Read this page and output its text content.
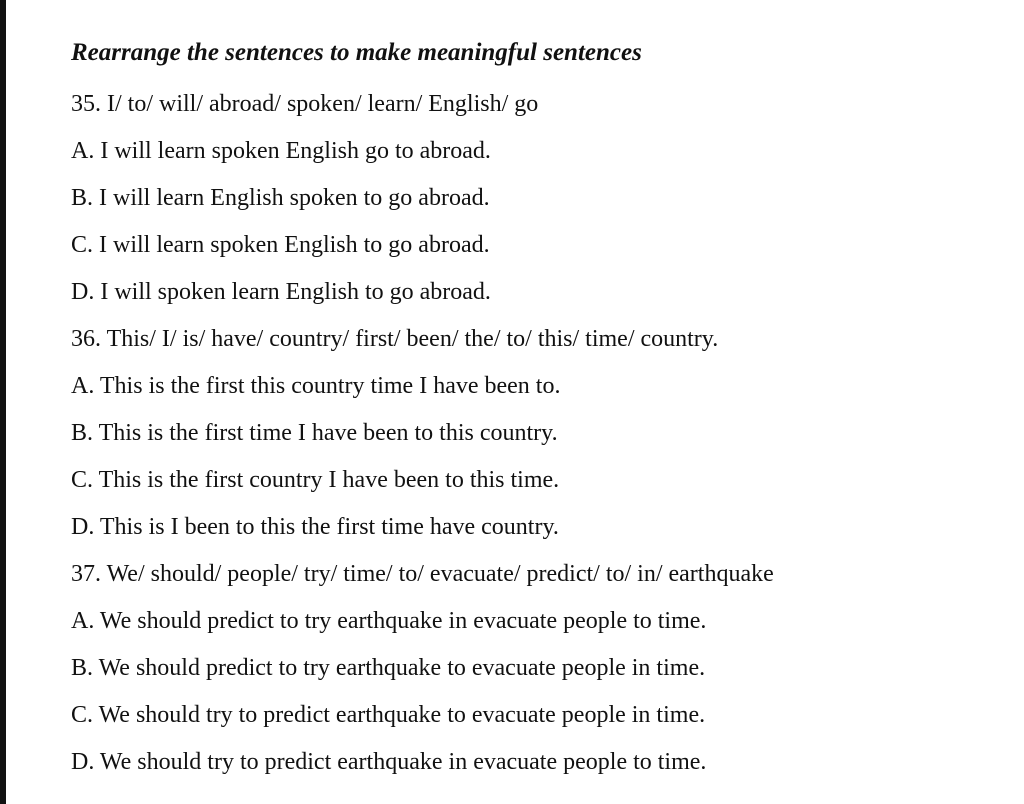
Rearrange the sentences to make meaningful sentences
35. I/ to/ will/ abroad/ spoken/ learn/ English/ go
A. I will learn spoken English go to abroad.
B. I will learn English spoken to go abroad.
C. I will learn spoken English to go abroad.
D. I will spoken learn English to go abroad.
36. This/ I/ is/ have/ country/ first/ been/ the/ to/ this/ time/ country.
A. This is the first this country time I have been to.
B. This is the first time I have been to this country.
C. This is the first country I have been to this time.
D. This is I been to this the first time have country.
37. We/ should/ people/ try/ time/ to/ evacuate/ predict/ to/ in/ earthquake
A. We should predict to try earthquake in evacuate people to time.
B. We should predict to try earthquake to evacuate people in time.
C. We should try to predict earthquake to evacuate people in time.
D. We should try to predict earthquake in evacuate people to time.
